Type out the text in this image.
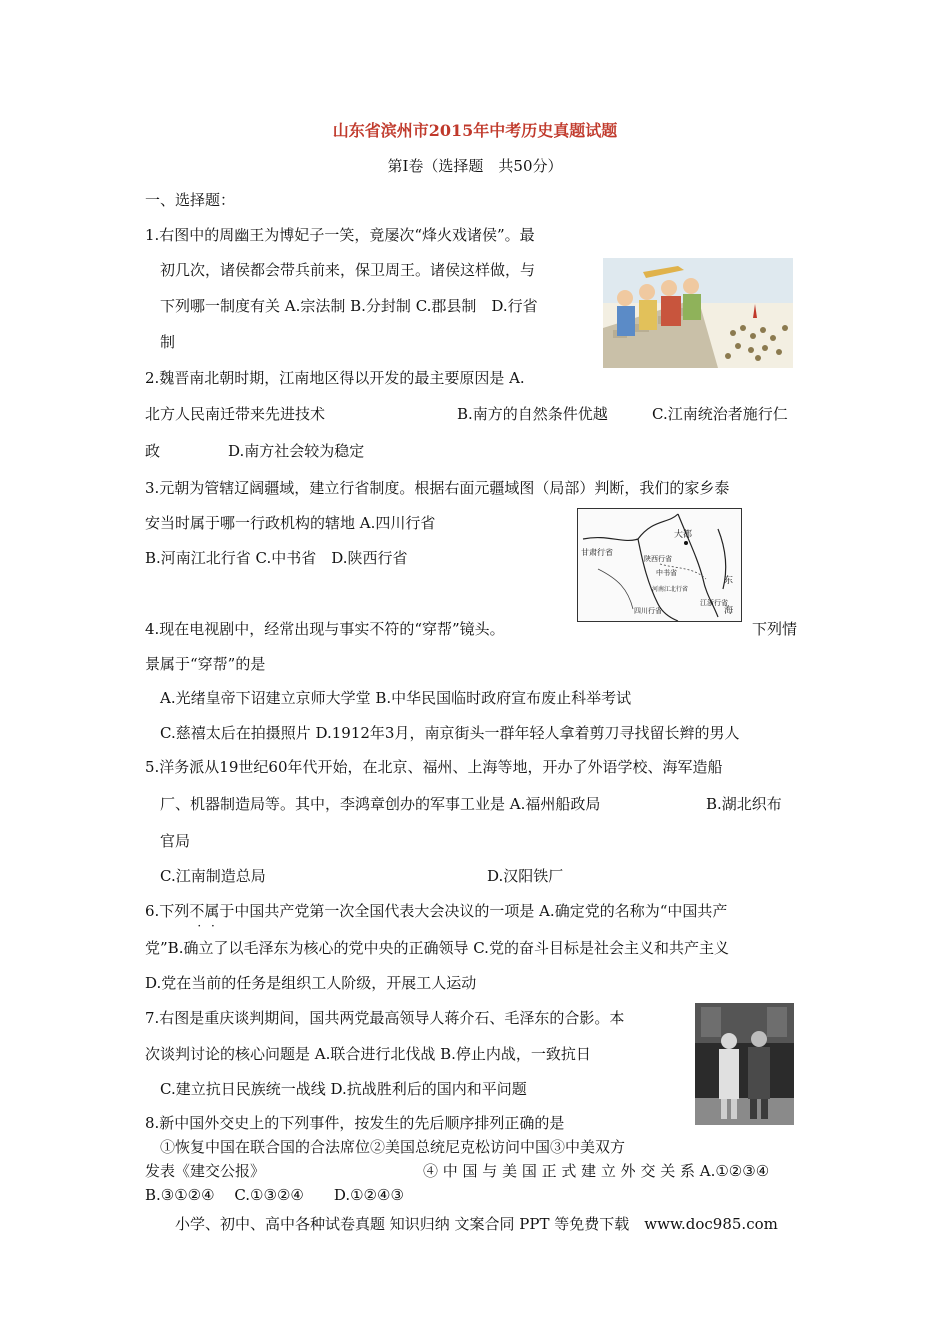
山东省滨州市2015年中考历史真题试题
第Ⅰ卷（选择题　共50分）
一、选择题：
1.右图中的周幽王为博妃子一笑，竟屡次“烽火戏诸侯”。最
初几次，诸侯都会带兵前来，保卫周王。诸侯这样做，与
下列哪一制度有关 A.宗法制 B.分封制 C.郡县制　D.行省
制
2.魏晋南北朝时期，江南地区得以开发的最主要原因是 A.
北方人民南迁带来先进技术	B.南方的自然条件优越	C.江南统治者施行仁
政	D.南方社会较为稳定
3.元朝为管辖辽阔疆域，建立行省制度。根据右面元疆域图（局部）判断，我们的家乡泰
安当时属于哪一行政机构的辖地 A.四川行省
B.河南江北行省 C.中书省　D.陕西行省	甘肃行省
陕西行省
大都
中书省
河南江北行省
江浙行省
四川行省
东
海
4.现在电视剧中，经常出现与事实不符的“穿帮”镜头。	下列情
景属于“穿帮”的是
A.光绪皇帝下诏建立京师大学堂 B.中华民国临时政府宣布废止科举考试
C.慈禧太后在拍摄照片 D.1912年3月，南京街头一群年轻人拿着剪刀寻找留长辫的男人
5.洋务派从19世纪60年代开始，在北京、福州、上海等地，开办了外语学校、海军造船
厂、机器制造局等。其中，李鸿章创办的军事工业是 A.福州船政局	B.湖北织布
官局
C.江南制造总局	D.汉阳铁厂
6.下列不属于 · ·中国共产党第一次全国代表大会决议的一项是 A.确定党的名称为“中国共产
党”B.确立了以毛泽东为核心的党中央的正确领导 C.党的奋斗目标是社会主义和共产主义
D.党在当前的任务是组织工人阶级，开展工人运动
7.右图是重庆谈判期间，国共两党最高领导人蒋介石、毛泽东的合影。本
次谈判讨论的核心问题是 A.联合进行北伐战 B.停止内战，一致抗日
C.建立抗日民族统一战线 D.抗战胜利后的国内和平问题
8.新中国外交史上的下列事件，按发生的先后顺序排列正确的是
①恢复中国在联合国的合法席位②美国总统尼克松访问中国③中美双方
发表《建交公报》	④ 中 国 与 美 国 正 式 建 立 外 交 关 系 A.①②③④
B.③①②④　 C.①③②④　　D.①②④③
小学、初中、高中各种试卷真题 知识归纳 文案合同 PPT 等免费下载　www.doc985.com
